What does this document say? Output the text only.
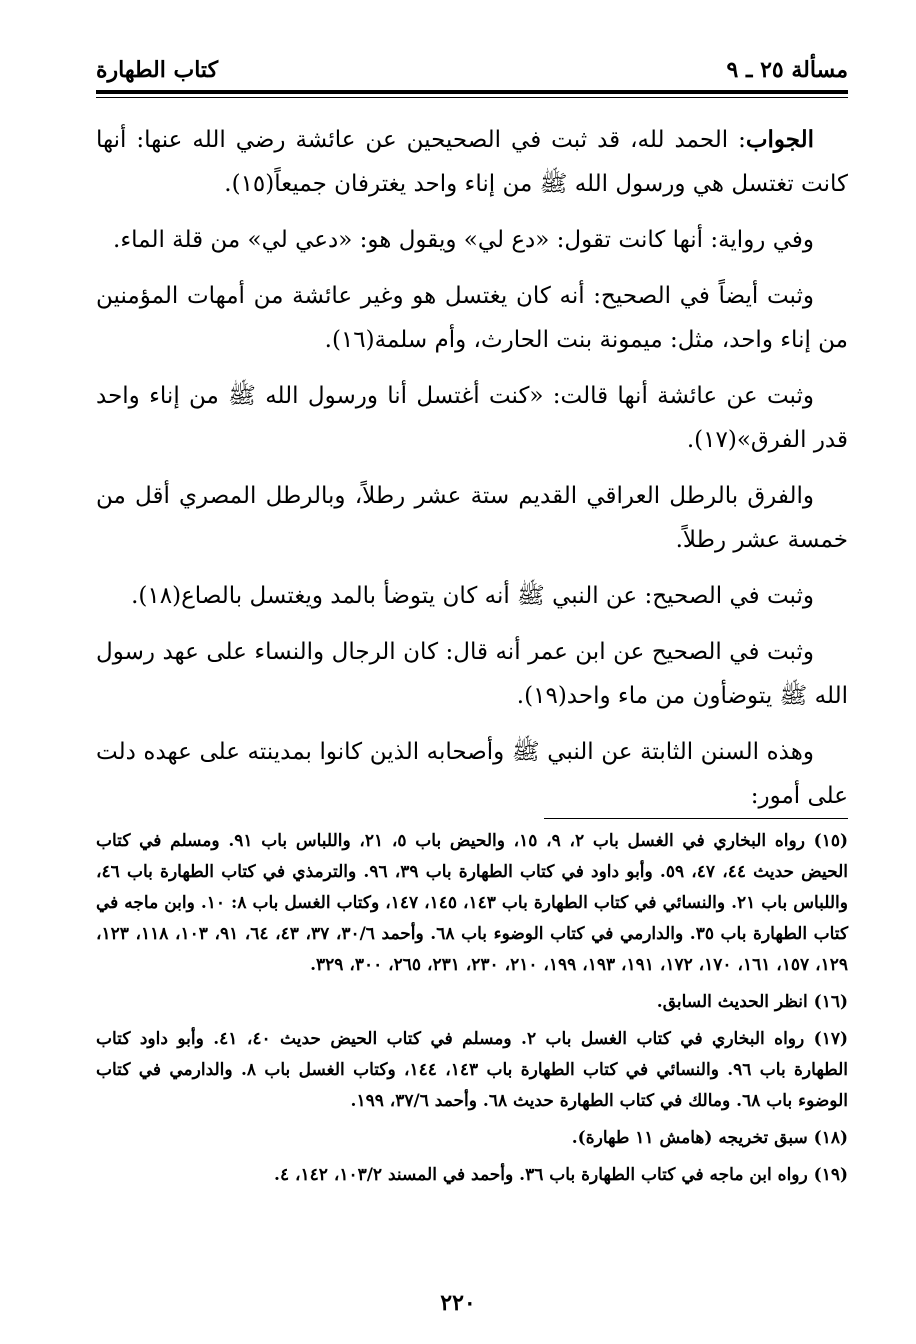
مسألة ٢٥ ـ ٩
كتاب الطهارة

الجواب: الحمد لله، قد ثبت في الصحيحين عن عائشة رضي الله عنها: أنها كانت تغتسل هي ورسول الله ﷺ من إناء واحد يغترفان جميعاً(١٥).

وفي رواية: أنها كانت تقول: «دع لي» ويقول هو: «دعي لي» من قلة الماء.

وثبت أيضاً في الصحيح: أنه كان يغتسل هو وغير عائشة من أمهات المؤمنين من إناء واحد، مثل: ميمونة بنت الحارث، وأم سلمة(١٦).

وثبت عن عائشة أنها قالت: «كنت أغتسل أنا ورسول الله ﷺ من إناء واحد قدر الفرق»(١٧).

والفرق بالرطل العراقي القديم ستة عشر رطلاً، وبالرطل المصري أقل من خمسة عشر رطلاً.

وثبت في الصحيح: عن النبي ﷺ أنه كان يتوضأ بالمد ويغتسل بالصاع(١٨).

وثبت في الصحيح عن ابن عمر أنه قال: كان الرجال والنساء على عهد رسول الله ﷺ يتوضأون من ماء واحد(١٩).

وهذه السنن الثابتة عن النبي ﷺ وأصحابه الذين كانوا بمدينته على عهده دلت على أمور:

(١٥) رواه البخاري في الغسل باب ٢، ٩، ١٥، والحيض باب ٥، ٢١، واللباس باب ٩١. ومسلم في كتاب الحيض حديث ٤٤، ٤٧، ٥٩. وأبو داود في كتاب الطهارة باب ٣٩، ٩٦. والترمذي في كتاب الطهارة باب ٤٦، واللباس باب ٢١. والنسائي في كتاب الطهارة باب ١٤٣، ١٤٥، ١٤٧، وكتاب الغسل باب ٨: ١٠. وابن ماجه في كتاب الطهارة باب ٣٥. والدارمي في كتاب الوضوء باب ٦٨. وأحمد ٣٠/٦، ٣٧، ٤٣، ٦٤، ٩١، ١٠٣، ١١٨، ١٢٣، ١٢٩، ١٥٧، ١٦١، ١٧٠، ١٧٢، ١٩١، ١٩٣، ١٩٩، ٢١٠، ٢٣٠، ٢٣١، ٢٦٥، ٣٠٠، ٣٢٩.

(١٦) انظر الحديث السابق.

(١٧) رواه البخاري في كتاب الغسل باب ٢. ومسلم في كتاب الحيض حديث ٤٠، ٤١. وأبو داود كتاب الطهارة باب ٩٦. والنسائي في كتاب الطهارة باب ١٤٣، ١٤٤، وكتاب الغسل باب ٨. والدارمي في كتاب الوضوء باب ٦٨. ومالك في كتاب الطهارة حديث ٦٨. وأحمد ٣٧/٦، ١٩٩.

(١٨) سبق تخريجه (هامش ١١ طهارة).

(١٩) رواه ابن ماجه في كتاب الطهارة باب ٣٦. وأحمد في المسند ١٠٣/٢، ١٤٢، ٤.

٢٢٠
